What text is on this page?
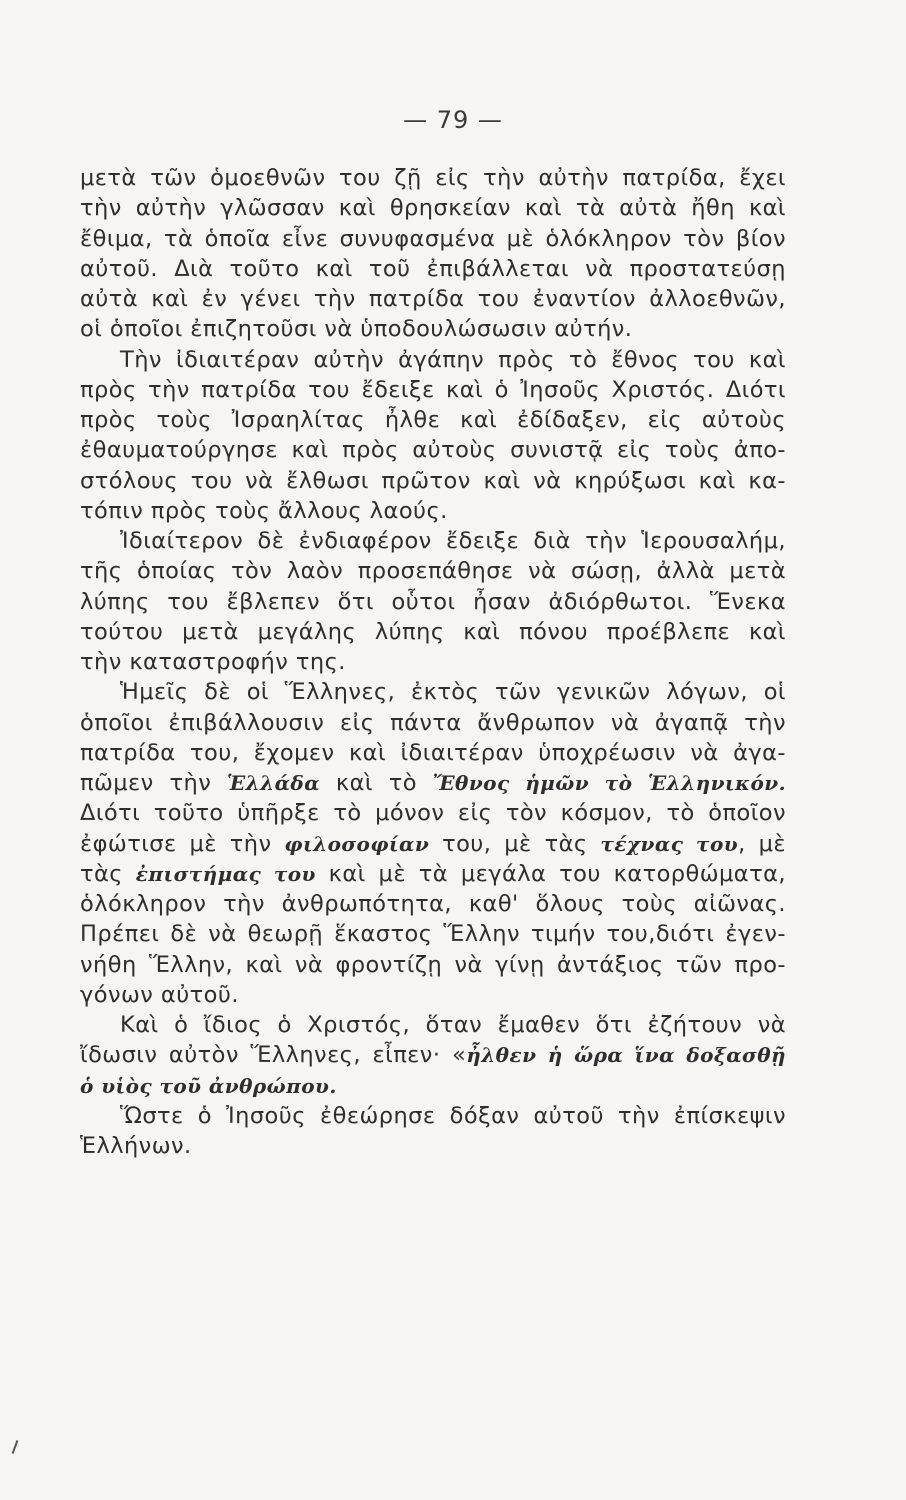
— 79 —
μετὰ τῶν ὁμοεθνῶν του ζῇ εἰς τὴν αὐτὴν πατρίδα, ἔχει
τὴν αὐτὴν γλῶσσαν καὶ θρησκείαν καὶ τὰ αὐτὰ ἤθη καὶ
ἔθιμα, τὰ ὁποῖα εἶνε συνυφασμένα μὲ ὁλόκληρον τὸν βίον
αὐτοῦ. Διὰ τοῦτο καὶ τοῦ ἐπιβάλλεται νὰ προστατεύσῃ
αὐτὰ καὶ ἐν γένει τὴν πατρίδα του ἐναντίον ἀλλοεθνῶν,
οἱ ὁποῖοι ἐπιζητοῦσι νὰ ὑποδουλώσωσιν αὐτήν.
Τὴν ἰδιαιτέραν αὐτὴν ἀγάπην πρὸς τὸ ἔθνος του καὶ
πρὸς τὴν πατρίδα του ἔδειξε καὶ ὁ Ἰησοῦς Χριστός. Διότι
πρὸς τοὺς Ἰσραηλίτας ἦλθε καὶ ἐδίδαξεν, εἰς αὐτοὺς
ἐθαυματούργησε καὶ πρὸς αὐτοὺς συνιστᾷ εἰς τοὺς ἀπο-
στόλους του νὰ ἔλθωσι πρῶτον καὶ νὰ κηρύξωσι καὶ κα-
τόπιν πρὸς τοὺς ἄλλους λαούς.
Ἰδιαίτερον δὲ ἐνδιαφέρον ἔδειξε διὰ τὴν Ἱερουσαλήμ,
τῆς ὁποίας τὸν λαὸν προσεπάθησε νὰ σώσῃ, ἀλλὰ μετὰ
λύπης του ἔβλεπεν ὅτι οὗτοι ἦσαν ἀδιόρθωτοι. Ἕνεκα
τούτου μετὰ μεγάλης λύπης καὶ πόνου προέβλεπε καὶ
τὴν καταστροφήν της.
Ἡμεῖς δὲ οἱ Ἕλληνες, ἐκτὸς τῶν γενικῶν λόγων, οἱ
ὁποῖοι ἐπιβάλλουσιν εἰς πάντα ἄνθρωπον νὰ ἀγαπᾷ τὴν
πατρίδα του, ἔχομεν καὶ ἰδιαιτέραν ὑποχρέωσιν νὰ ἀγα-
πῶμεν τὴν Ἑλλάδα καὶ τὸ Ἔθνος ἡμῶν τὸ Ἑλληνικόν.
Διότι τοῦτο ὑπῆρξε τὸ μόνον εἰς τὸν κόσμον, τὸ ὁποῖον
ἐφώτισε μὲ τὴν φιλοσοφίαν του, μὲ τὰς τέχνας του, μὲ
τὰς ἐπιστήμας του καὶ μὲ τὰ μεγάλα του κατορθώματα,
ὁλόκληρον τὴν ἀνθρωπότητα, καθ' ὅλους τοὺς αἰῶνας.
Πρέπει δὲ νὰ θεωρῇ ἕκαστος Ἕλλην τιμήν του,διότι ἐγεν-
νήθη Ἕλλην, καὶ νὰ φροντίζῃ νὰ γίνῃ ἀντάξιος τῶν προ-
γόνων αὐτοῦ.
Καὶ ὁ ἴδιος ὁ Χριστός, ὅταν ἔμαθεν ὅτι ἐζήτουν νὰ
ἴδωσιν αὐτὸν Ἕλληνες, εἶπεν· «ἦλθεν ἡ ὥρα ἵνα δοξασθῇ
ὁ υἱὸς τοῦ ἀνθρώπου.
Ὥστε ὁ Ἰησοῦς ἐθεώρησε δόξαν αὐτοῦ τὴν ἐπίσκεψιν
Ἑλλήνων.
